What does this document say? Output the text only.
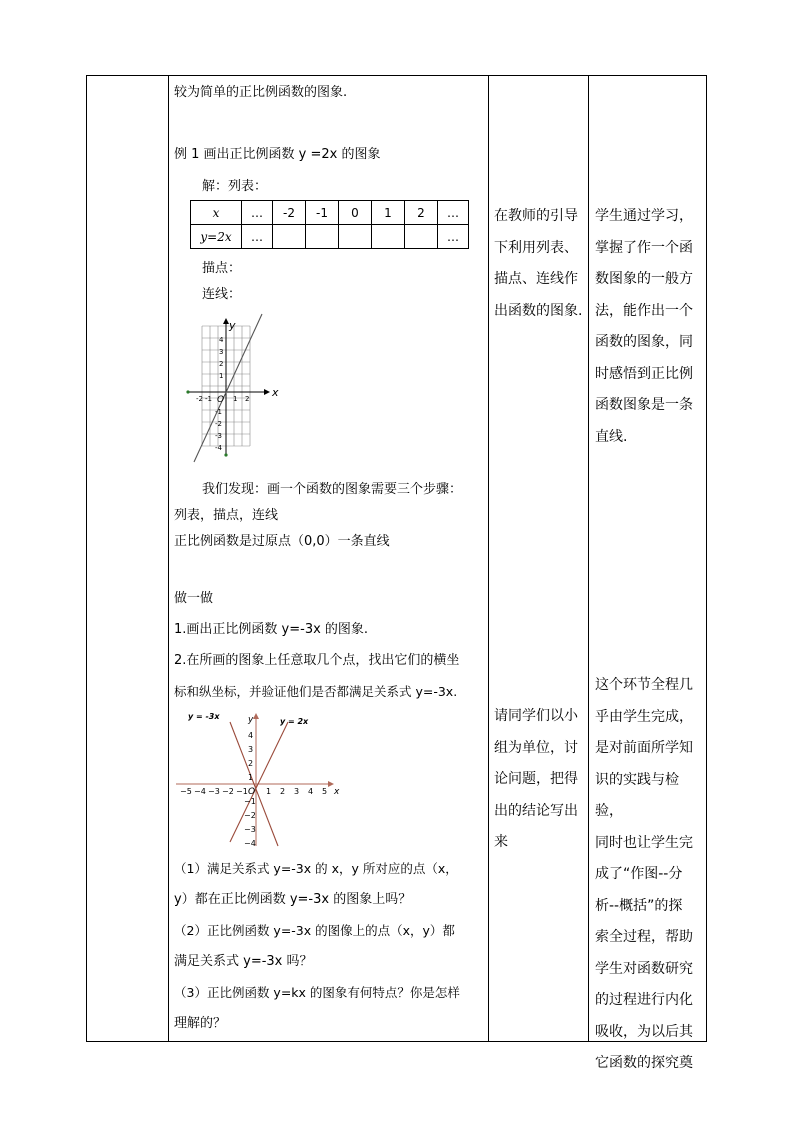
较为简单的正比例函数的图象.
例 1 画出正比例函数 y =2x 的图象
解：列表：
x	…	-2	-1	0	1	2	…
y=2x	…						…
描点：
连线：
x
y
O
-2 -1	1 2
4
3
2
1
-1
-2
-3
-4
我们发现：画一个函数的图象需要三个步骤：
列表，描点，连线
正比例函数是过原点（0,0）一条直线
做一做
1.画出正比例函数 y=-3x 的图象.
2.在所画的图象上任意取几个点，找出它们的横坐
标和纵坐标，并验证他们是否都满足关系式 y=-3x.
y = -3x
y = 2x
x
y
O
−5 −4 −3 −2 −1 1 2 3 4 5
4
3
2
1
−1
−2
−3
−4
（1）满足关系式 y=-3x 的 x，y 所对应的点（x，
y）都在正比例函数 y=-3x 的图象上吗？
（2）正比例函数 y=-3x 的图像上的点（x，y）都
满足关系式 y=-3x 吗？
（3）正比例函数 y=kx 的图象有何特点？你是怎样
理解的？
在教师的引导
下利用列表、
描点、连线作
出函数的图象.
请同学们以小
组为单位，讨
论问题，把得
出的结论写出
来
学生通过学习，
掌握了作一个函
数图象的一般方
法，能作出一个
函数的图象，同
时感悟到正比例
函数图象是一条
直线.
这个环节全程几
乎由学生完成，
是对前面所学知
识的实践与检验，
同时也让学生完
成了“作图--分
析--概括”的探
索全过程，帮助
学生对函数研究
的过程进行内化
吸收，为以后其
它函数的探究奠
